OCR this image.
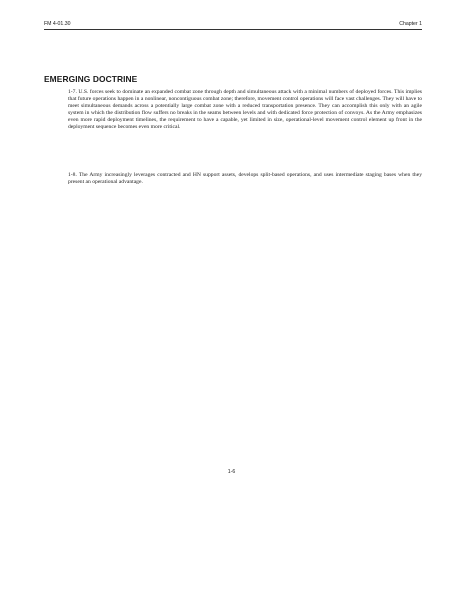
FM 4-01.30	Chapter 1
EMERGING DOCTRINE

1-7. U.S. forces seek to dominate an expanded combat zone through depth and simultaneous attack with a minimal numbers of deployed forces. This implies that future operations happen in a nonlinear, noncontiguous combat zone; therefore, movement control operations will face vast challenges. They will have to meet simultaneous demands across a potentially large combat zone with a reduced transportation presence. They can accomplish this only with an agile system in which the distribution flow suffers no breaks in the seams between levels and with dedicated force protection of convoys. As the Army emphasizes even more rapid deployment timelines, the requirement to have a capable, yet limited in size, operational-level movement control element up front in the deployment sequence becomes even more critical.

1-8. The Army increasingly leverages contracted and HN support assets, develops split-based operations, and uses intermediate staging bases when they present an operational advantage.

1-6
